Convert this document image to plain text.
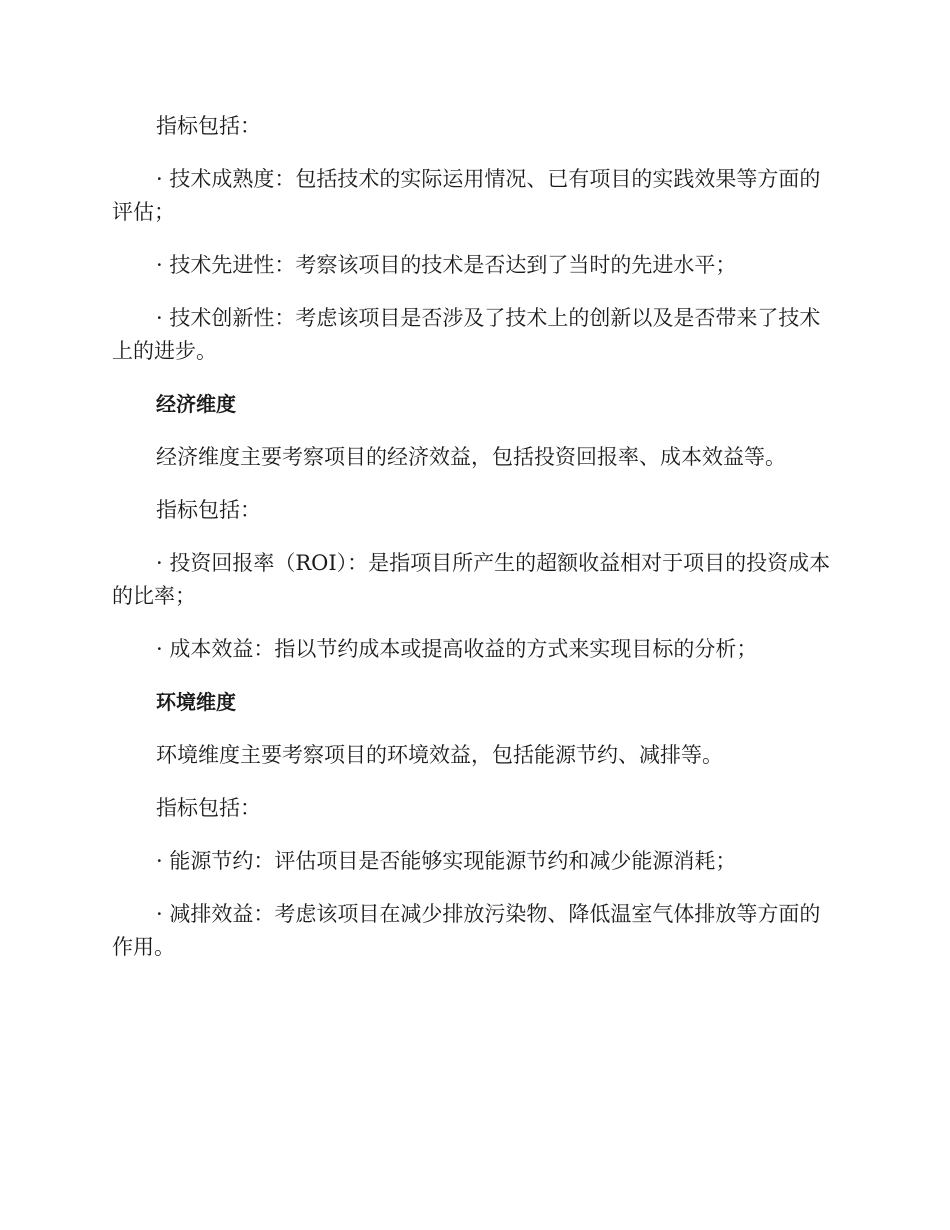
指标包括：

· 技术成熟度：包括技术的实际运用情况、已有项目的实践效果等方面的评估；

· 技术先进性：考察该项目的技术是否达到了当时的先进水平；

· 技术创新性：考虑该项目是否涉及了技术上的创新以及是否带来了技术上的进步。

经济维度

经济维度主要考察项目的经济效益，包括投资回报率、成本效益等。

指标包括：

· 投资回报率（ROI）：是指项目所产生的超额收益相对于项目的投资成本的比率；

· 成本效益：指以节约成本或提高收益的方式来实现目标的分析；

环境维度

环境维度主要考察项目的环境效益，包括能源节约、减排等。

指标包括：

· 能源节约：评估项目是否能够实现能源节约和减少能源消耗；

· 减排效益：考虑该项目在减少排放污染物、降低温室气体排放等方面的作用。
